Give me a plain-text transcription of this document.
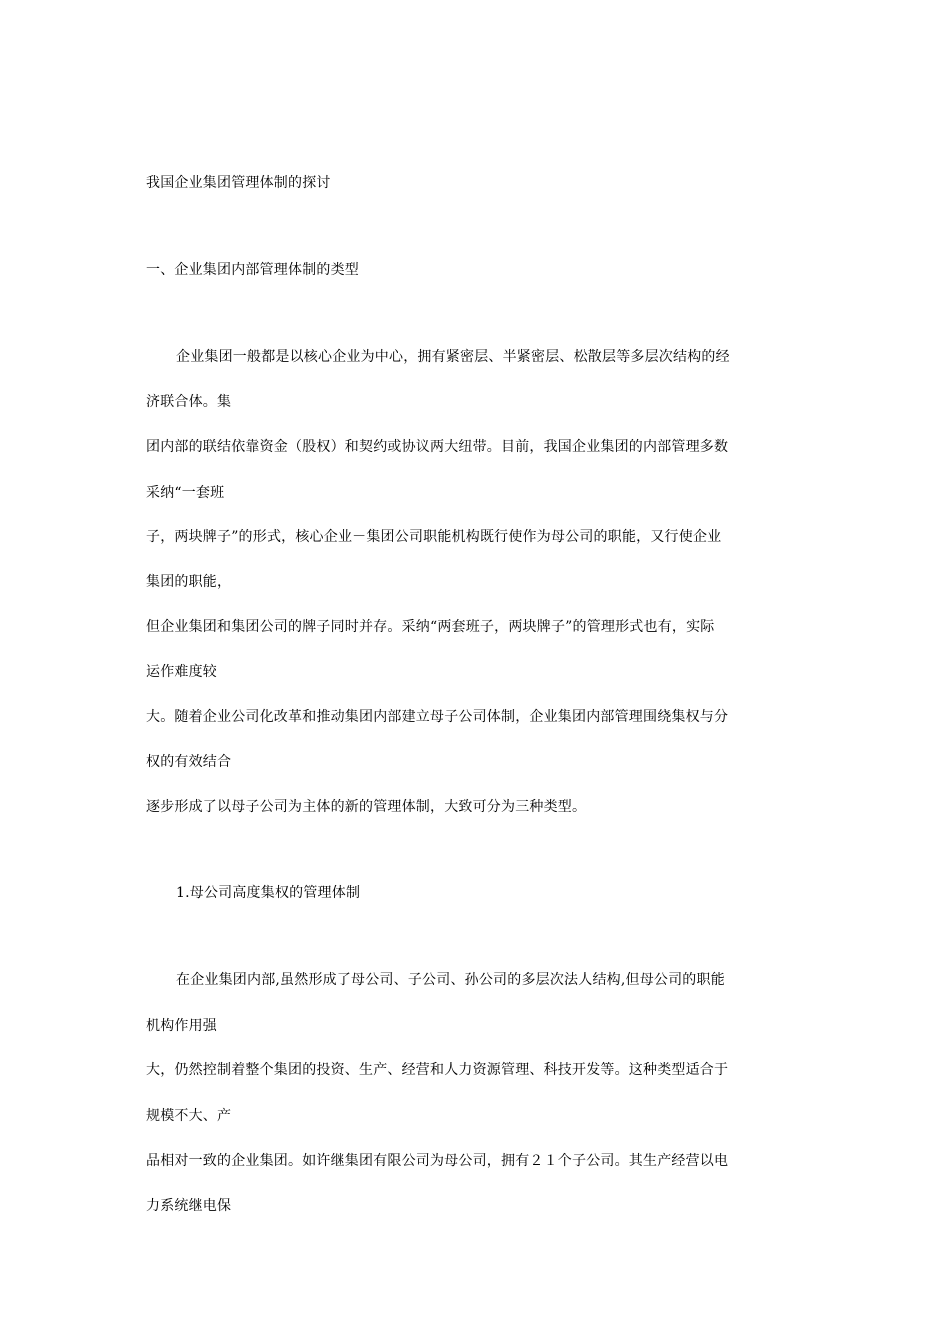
我国企业集团管理体制的探讨
一、企业集团内部管理体制的类型
企业集团一般都是以核心企业为中心，拥有紧密层、半紧密层、松散层等多层次结构的经
济联合体。集
团内部的联结依靠资金（股权）和契约或协议两大纽带。目前，我国企业集团的内部管理多数
采纳“一套班
子，两块牌子”的形式，核心企业－集团公司职能机构既行使作为母公司的职能，又行使企业
集团的职能，
但企业集团和集团公司的牌子同时并存。采纳“两套班子，两块牌子”的管理形式也有，实际
运作难度较
大。随着企业公司化改革和推动集团内部建立母子公司体制，企业集团内部管理围绕集权与分
权的有效结合
逐步形成了以母子公司为主体的新的管理体制，大致可分为三种类型。
1.母公司高度集权的管理体制
在企业集团内部,虽然形成了母公司、子公司、孙公司的多层次法人结构,但母公司的职能
机构作用强
大，仍然控制着整个集团的投资、生产、经营和人力资源管理、科技开发等。这种类型适合于
规模不大、产
品相对一致的企业集团。如许继集团有限公司为母公司，拥有２１个子公司。其生产经营以电
力系统继电保
